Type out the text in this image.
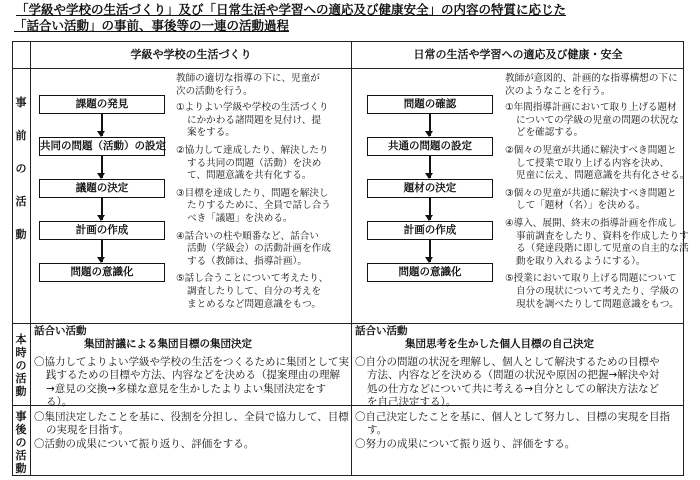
「学級や学校の生活づくり」及び「日常生活や学習への適応及び健康安全」の内容の特質に応じた
「話合い活動」の事前、事後等の一連の活動過程
学級や学校の生活づくり	日常の生活や学習への適応及び健康・安全
事
前
の
活
動
本
時
の
活
動
事
後
の
活
動
課題の発見
共同の問題（活動）の設定
議題の決定
計画の作成
問題の意識化
教師の適切な指導の下に、児童が
次の活動を行う。
①よりよい学級や学校の生活づくり
にかかわる諸問題を見付け、提
案をする。
②協力して達成したり、解決したり
する共同の問題（活動）を決め
て、問題意識を共有化する。
③目標を達成したり、問題を解決し
たりするために、全員で話し合う
べき「議題」を決める。
④話合いの柱や順番など、話合い
活動（学級会）の活動計画を作成
する（教師は、指導計画）。
⑤話し合うことについて考えたり、
調査したりして、自分の考えを
まとめるなど問題意識をもつ。
問題の確認
共通の問題の設定
題材の決定
計画の作成
問題の意識化
教師が意図的、計画的な指導構想の下に
次のようなことを行う。
①年間指導計画において取り上げる題材
についての学級の児童の問題の状況な
どを確認する。
②個々の児童が共通に解決すべき問題と
して授業で取り上げる内容を決め、
児童に伝え、問題意識を共有化させる。
③個々の児童が共通に解決すべき問題と
して「題材（名）」を決める。
④導入、展開、終末の指導計画を作成し
事前調査をしたり、資料を作成したりす
る（発達段階に即して児童の自主的な活
動を取り入れるようにする）。
⑤授業において取り上げる問題について
自分の現状について考えたり、学級の
現状を調べたりして問題意識をもつ。
話合い活動
集団討議による集団目標の集団決定
〇協力してよりよい学級や学校の生活をつくるために集団として実
践するための目標や方法、内容などを決める（提案理由の理解
→意見の交換→多様な意見を生かしたよりよい集団決定をす
る）。
話合い活動
集団思考を生かした個人目標の自己決定
〇自分の問題の状況を理解し、個人として解決するための目標や
方法、内容などを決める（問題の状況や原因の把握→解決や対
処の仕方などについて共に考える→自分としての解決方法など
を自己決定する）。
〇集団決定したことを基に、役割を分担し、全員で協力して、目標
の実現を目指す。
〇活動の成果について振り返り、評価をする。
〇自己決定したことを基に、個人として努力し、目標の実現を目指
す。
〇努力の成果について振り返り、評価をする。
